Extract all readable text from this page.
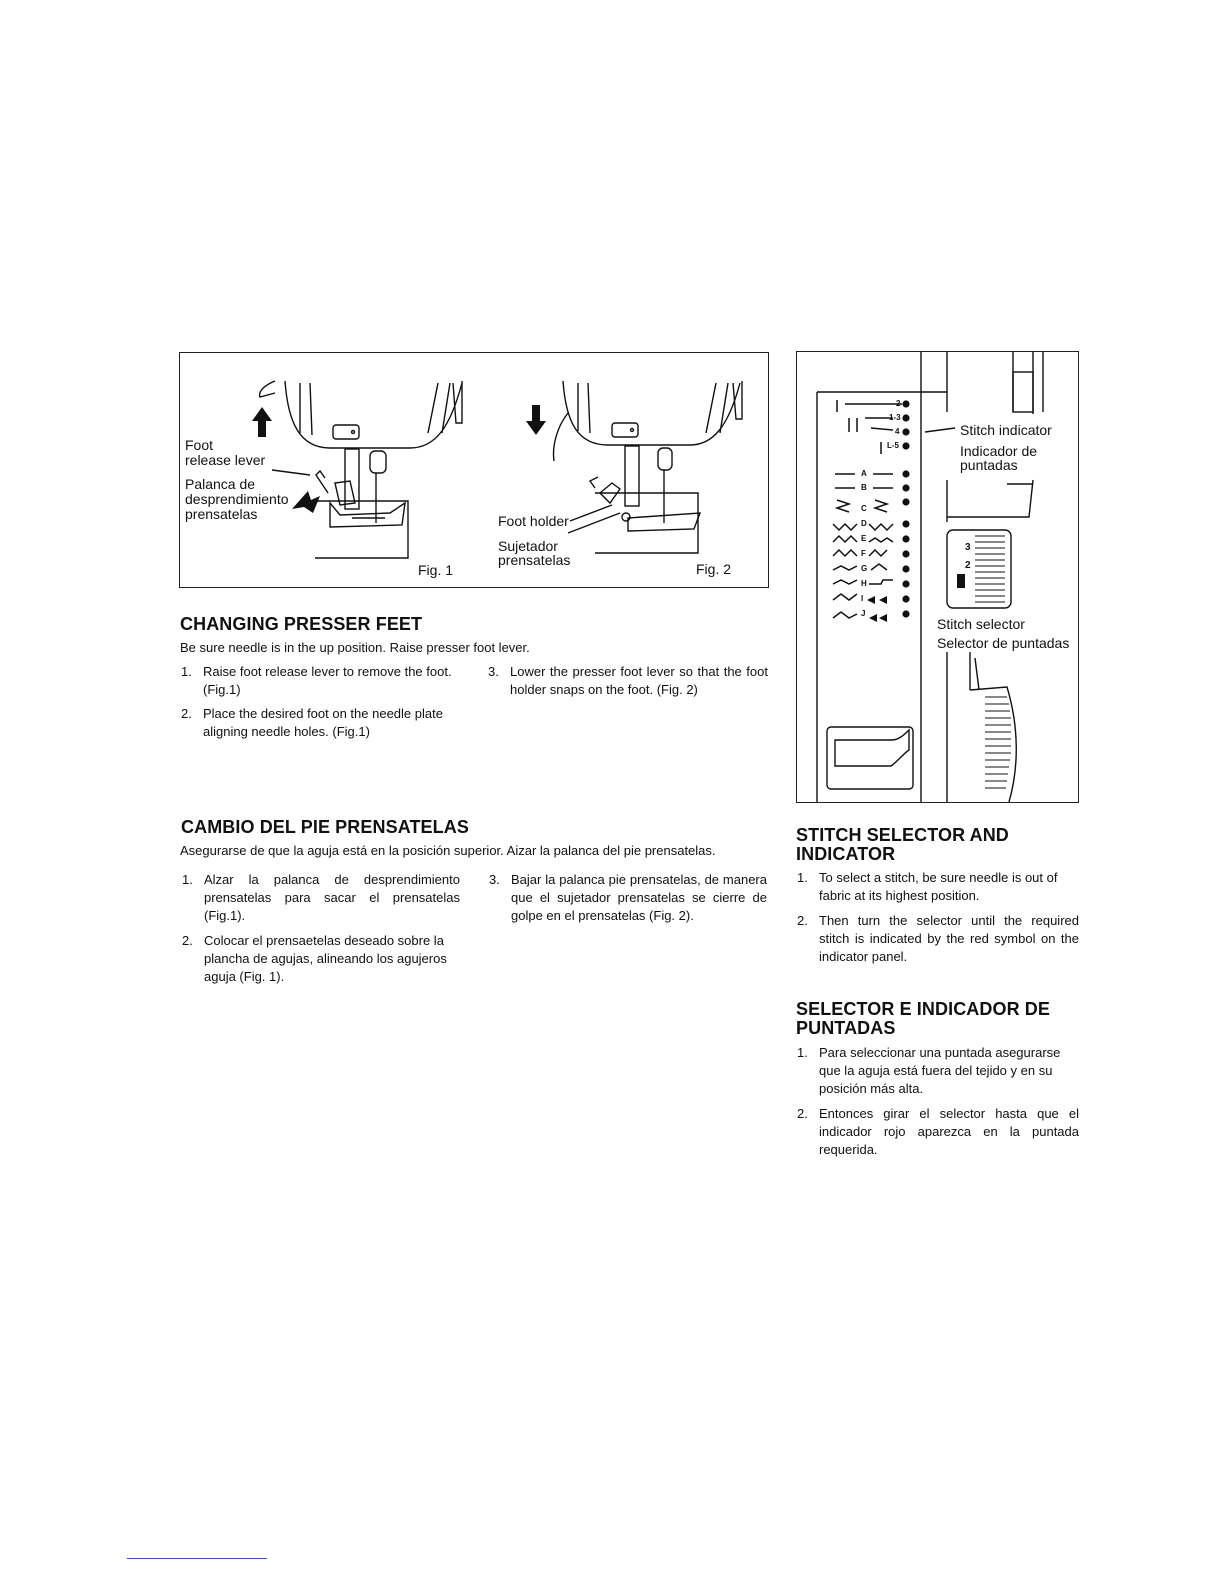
Foot
release lever
Palanca de
desprendimiento
prensatelas
Fig. 1
Foot holder
Sujetador
prensatelas
Fig. 2
2
1-3
4
L-5
A
B
C
D
E
F
G
H
I
J
3
2
Stitch indicator
Indicador de
puntadas
Stitch selector
Selector de puntadas
CHANGING PRESSER FEET
Be sure needle is in the up position. Raise presser foot lever.
1. Raise foot release lever to remove the foot. (Fig.1)
2. Place the desired foot on the needle plate aligning needle holes. (Fig.1)
3. Lower the presser foot lever so that the foot holder snaps on the foot. (Fig. 2)
CAMBIO DEL PIE PRENSATELAS
Asegurarse de que la aguja está en la posición superior. Aizar la palanca del pie prensatelas.
1. Alzar la palanca de desprendimiento prensatelas para sacar el prensatelas (Fig.1).
2. Colocar el prensaetelas deseado sobre la plancha de agujas, alineando los agujeros aguja (Fig. 1).
3. Bajar la palanca pie prensatelas, de manera que el sujetador prensatelas se cierre de golpe en el prensatelas (Fig. 2).
STITCH SELECTOR AND
INDICATOR
1. To select a stitch, be sure needle is out of fabric at its highest position.
2. Then turn the selector until the required stitch is indicated by the red symbol on the indicator panel.
SELECTOR E INDICADOR DE
PUNTADAS
1. Para seleccionar una puntada asegurarse que la aguja está fuera del tejido y en su posición más alta.
2. Entonces girar el selector hasta que el indicador rojo aparezca en la puntada requerida.
